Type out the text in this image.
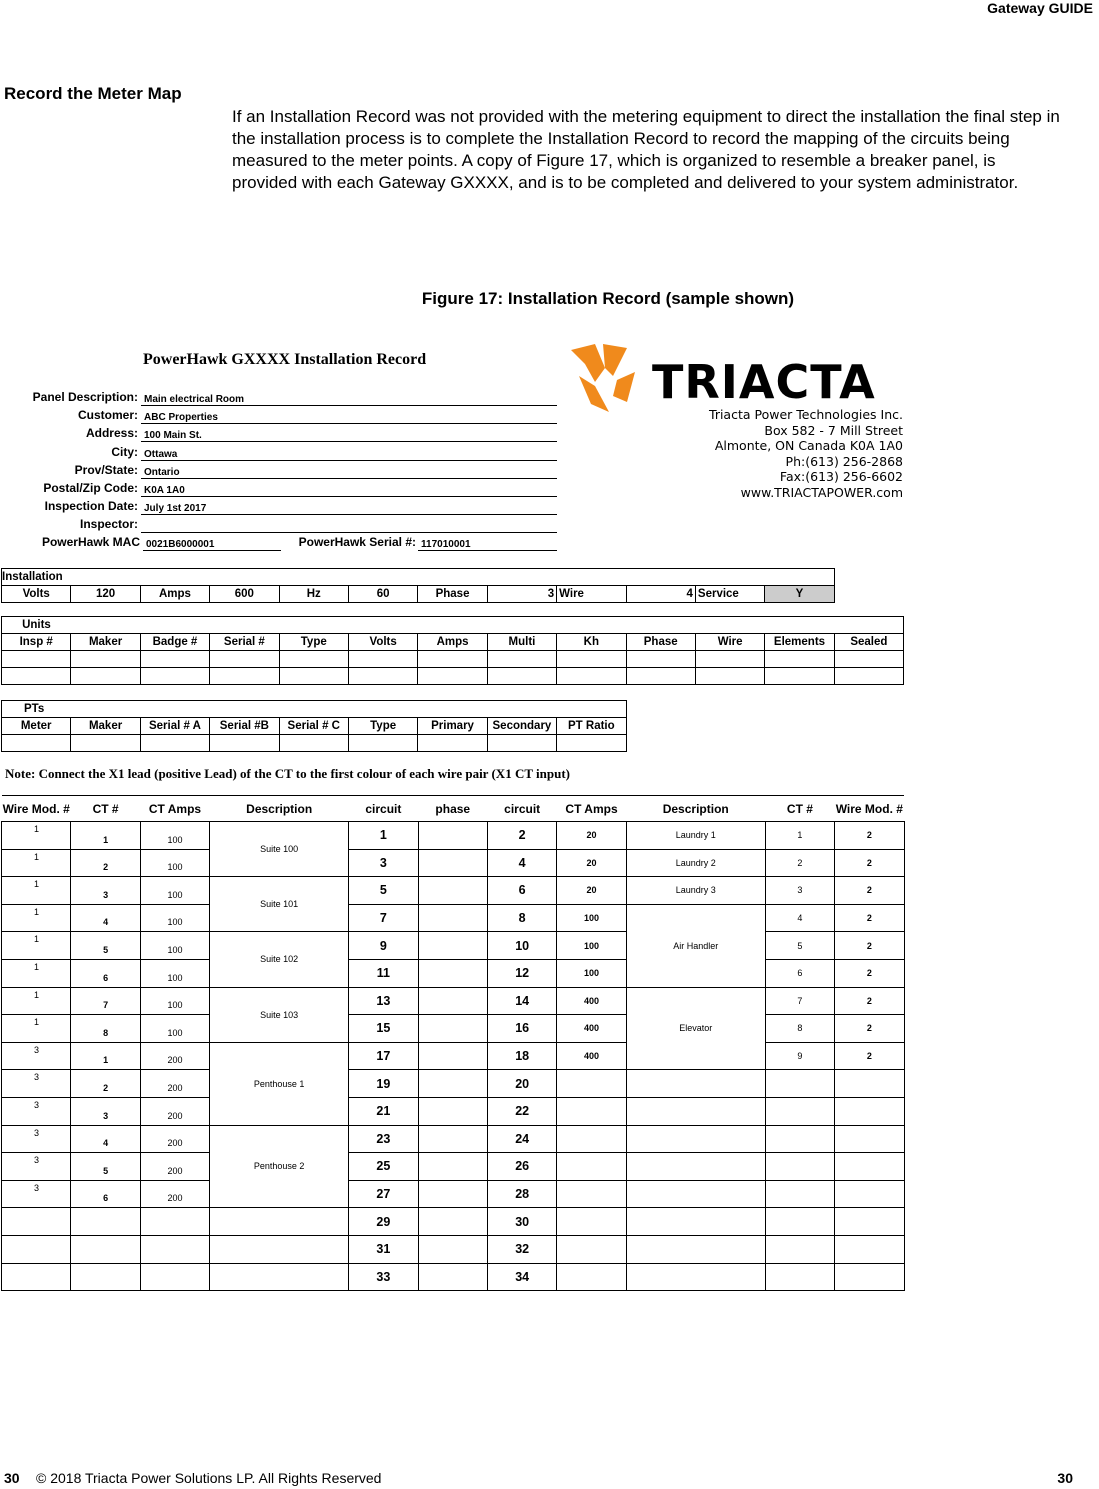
Gateway GUIDE
Record the Meter Map
If an Installation Record was not provided with the metering equipment to direct the installation the final step in the installation process is to complete the Installation Record to record the mapping of the circuits being measured to the meter points. A copy of Figure 17, which is organized to resemble a breaker panel, is provided with each Gateway GXXXX, and is to be completed and delivered to your system administrator.
Figure 17: Installation Record (sample shown)
PowerHawk GXXXX Installation Record
Panel Description: Main electrical Room
Customer: ABC Properties
Address: 100 Main St.
City: Ottawa
Prov/State: Ontario
Postal/Zip Code: K0A 1A0
Inspection Date: July 1st 2017
Inspector:
PowerHawk MAC 0021B6000001	PowerHawk Serial #: 117010001
TRIACTA
Triacta Power Technologies Inc.
Box 582 - 7 Mill Street
Almonte, ON Canada K0A 1A0
Ph:(613) 256-2868
Fax:(613) 256-6602
www.TRIACTAPOWER.com
Installation
Volts	120	Amps	600	Hz	60	Phase	3	Wire	4	Service	Y
Units												
Insp #	Maker	Badge #	Serial #	Type	Volts	Amps	Multi	Kh	Phase	Wire	Elements	Sealed

PTs								
Meter	Maker	Serial # A	Serial #B	Serial # C	Type	Primary	Secondary	PT Ratio

Note: Connect the X1 lead (positive Lead) of the CT to the first colour of each wire pair (X1 CT input)
Wire Mod. #	CT #	CT Amps	Description	circuit	phase	circuit	CT Amps	Description	CT #	Wire Mod. #
1	1	100	Suite 100	1		2	20	Laundry 1	1	2
1	2	100		3		4	20	Laundry 2	2	2
1	3	100	Suite 101	5		6	20	Laundry 3	3	2
1	4	100		7		8	100	Air Handler	4	2
1	5	100	Suite 102	9		10	100		5	2
1	6	100		11		12	100		6	2
1	7	100	Suite 103	13		14	400	Elevator	7	2
1	8	100		15		16	400		8	2
3	1	200	Penthouse 1	17		18	400		9	2
3	2	200		19		20				
3	3	200		21		22				
3	4	200	Penthouse 2	23		24				
3	5	200		25		26				
3	6	200		27		28				
				29		30				
				31		32				
				33		34				
30 © 2018 Triacta Power Solutions LP. All Rights Reserved	30
